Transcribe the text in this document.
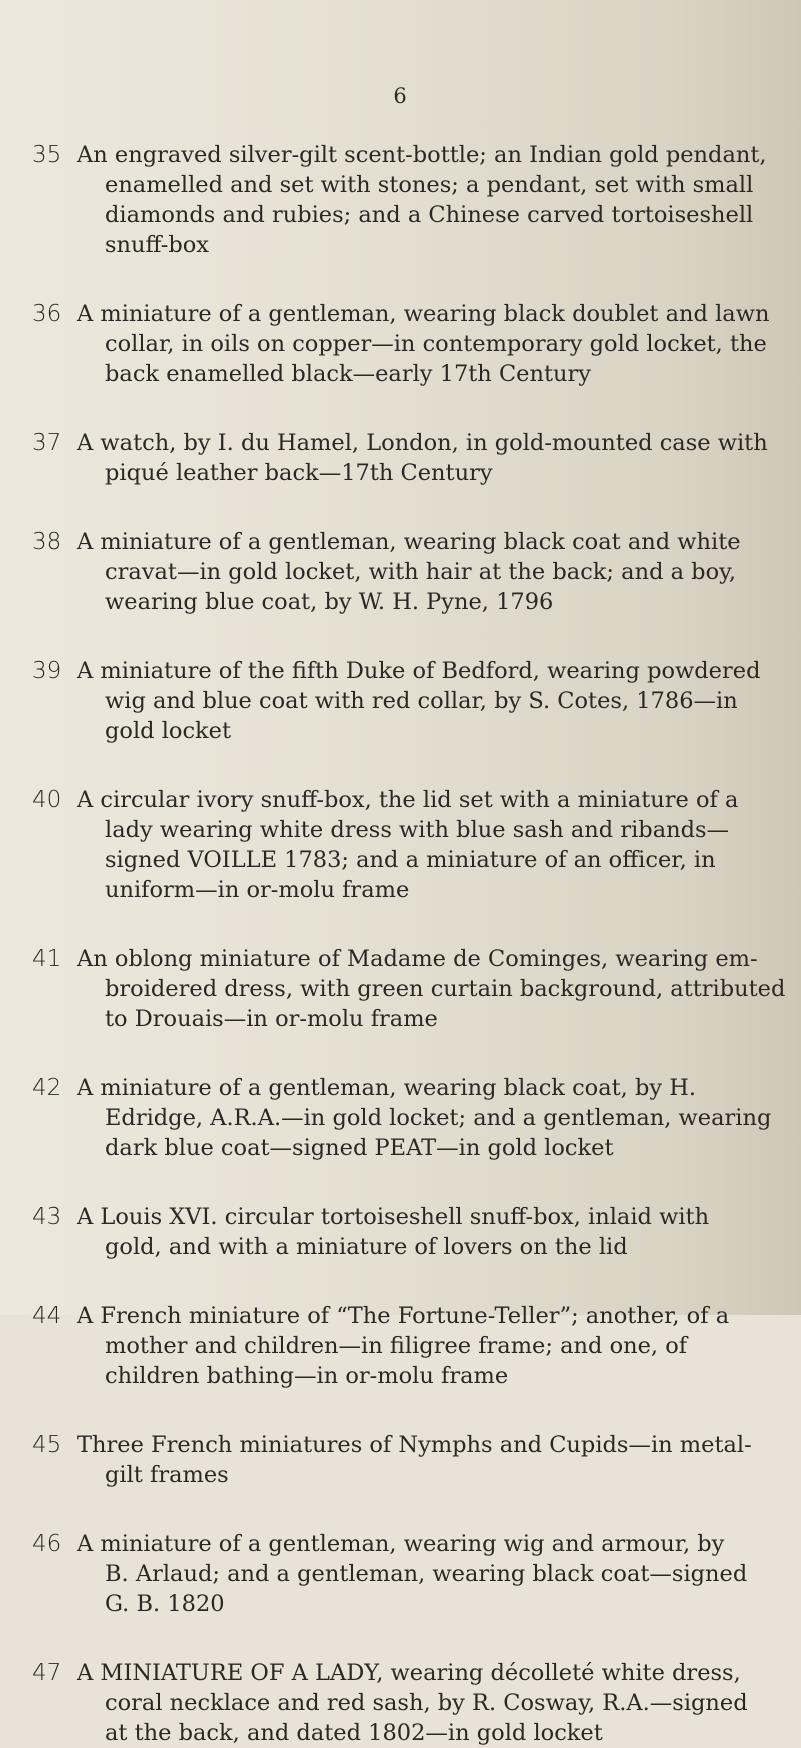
6
35 An engraved silver-gilt scent-bottle; an Indian gold pendant,
enamelled and set with stones; a pendant, set with small
diamonds and rubies; and a Chinese carved tortoiseshell
snuff-box
36 A miniature of a gentleman, wearing black doublet and lawn
collar, in oils on copper—in contemporary gold locket, the
back enamelled black—early 17th Century
37 A watch, by I. du Hamel, London, in gold-mounted case with
piqué leather back—17th Century
38 A miniature of a gentleman, wearing black coat and white
cravat—in gold locket, with hair at the back; and a boy,
wearing blue coat, by W. H. Pyne, 1796
39 A miniature of the fifth Duke of Bedford, wearing powdered
wig and blue coat with red collar, by S. Cotes, 1786—in
gold locket
40 A circular ivory snuff-box, the lid set with a miniature of a
lady wearing white dress with blue sash and ribands—
signed VOILLE 1783; and a miniature of an officer, in
uniform—in or-molu frame
41 An oblong miniature of Madame de Cominges, wearing em-
broidered dress, with green curtain background, attributed
to Drouais—in or-molu frame
42 A miniature of a gentleman, wearing black coat, by H.
Edridge, A.R.A.—in gold locket; and a gentleman, wearing
dark blue coat—signed PEAT—in gold locket
43 A Louis XVI. circular tortoiseshell snuff-box, inlaid with
gold, and with a miniature of lovers on the lid
44 A French miniature of “The Fortune-Teller”; another, of a
mother and children—in filigree frame; and one, of
children bathing—in or-molu frame
45 Three French miniatures of Nymphs and Cupids—in metal-
gilt frames
46 A miniature of a gentleman, wearing wig and armour, by
B. Arlaud; and a gentleman, wearing black coat—signed
G. B. 1820
47 A MINIATURE OF A LADY, wearing décolleté white dress,
coral necklace and red sash, by R. Cosway, R.A.—signed
at the back, and dated 1802—in gold locket
